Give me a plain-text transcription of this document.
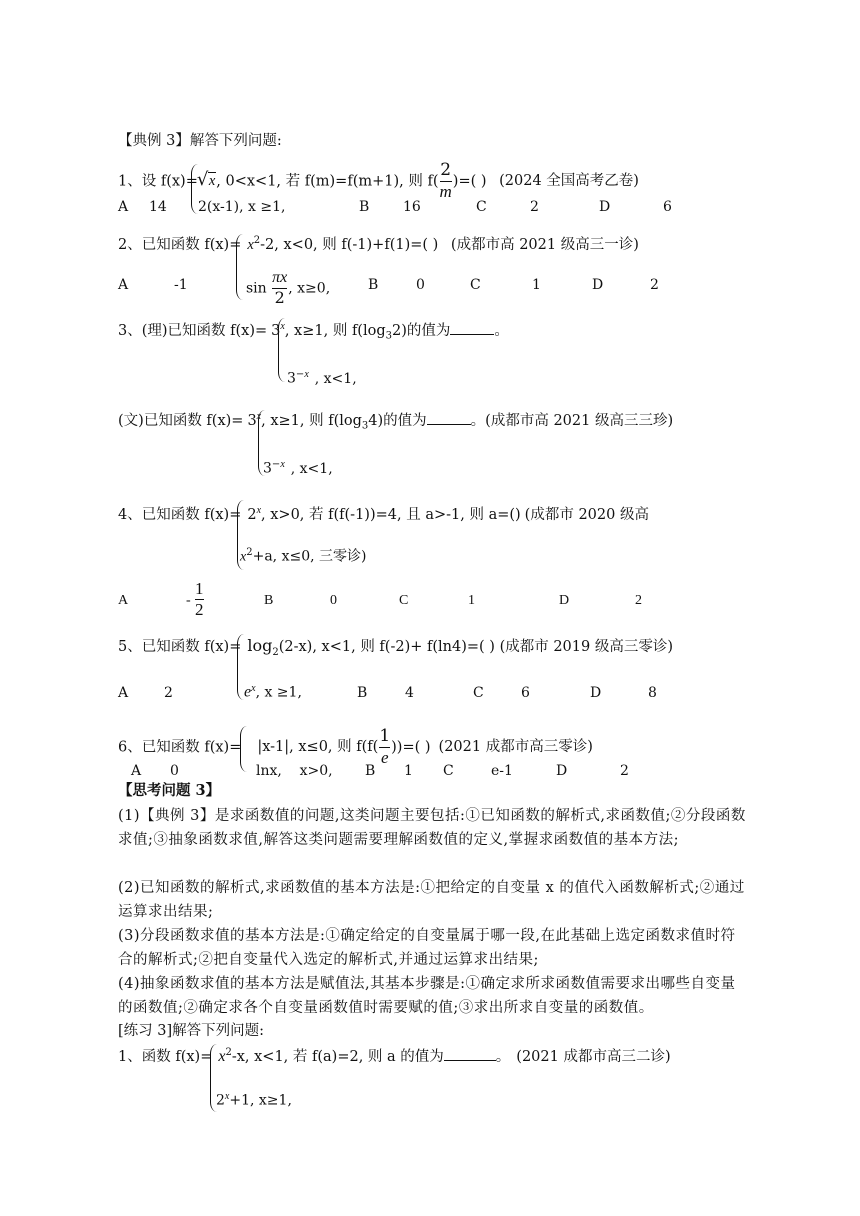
【典例 3】解答下列问题:
1、设 f(x)=√ x, 0<x<1, 若 f(m)=f(m+1), 则 $f( \frac{2}{m}$ )=( ) (2024 全国高考乙卷)
2(x-1), x ≥1,
A 14	B 16	C	2	D	6
2、已知函数 $f(x)= x^2-2$, x<0, 则 f(-1)+f(1)=( ) (成都市高 2021 级高三一诊)
$\sin \frac{\pi x}{2}$ , x≥0,
A	-1	B	0	C	1	D	2
3、(理)已知函数 $f(x)= 3^x$, x≥1, 则 $f(\log_32)$的值为	。
$3^{-x}$ , x<1,
(文)已知函数 $f(x)= 3^x$, x≥1, 则 $f(\log_34)$的值为	。(成都市高 2021 级高三三珍)
$3^{-x}$ , x<1,
4、已知函数 $f(x)= 2^x$, x>0, 若 f(f(-1))=4, 且 a>-1, 则 a=() (成都市 2020 级高
$x^2+a$, x≤0, 三零诊)
A	- $\frac{1}{2}$	B	0	C	1	D	2
5、已知函数 $f(x)= \log_2(2-x)$, x<1, 则 f(-2)+ f(ln4)=( ) (成都市 2019 级高三零诊)
$e^x$, x ≥1,
A	2	B	4	C	6	D	8
6、已知函数 f(x)= |x-1|, x≤0, 则 $f(f( \frac{1}{e}$ ))=( ) (2021 成都市高三零诊)
lnx,    x>0,
A 0	B 1 C	e-1	D	2
【思考问题 3】
(1)【典例 3】是求函数值的问题,这类问题主要包括:①已知函数的解析式,求函数值;②分段函数求值;③抽象函数求值,解答这类问题需要理解函数值的定义,掌握求函数值的基本方法;
(2)已知函数的解析式,求函数值的基本方法是:①把给定的自变量 x 的值代入函数解析式;②通过运算求出结果;
(3)分段函数求值的基本方法是:①确定给定的自变量属于哪一段,在此基础上选定函数求值时符合的解析式;②把自变量代入选定的解析式,并通过运算求出结果;
(4)抽象函数求值的基本方法是赋值法,其基本步骤是:①确定求所求函数值需要求出哪些自变量的函数值;②确定求各个自变量函数值时需要赋的值;③求出所求自变量的函数值。
[练习 3]解答下列问题:
1、函数 $f(x)= x^2-x$, x<1, 若 f(a)=2, 则 a 的值为	。 (2021 成都市高三二诊)
$2^x+1$, x≥1,
